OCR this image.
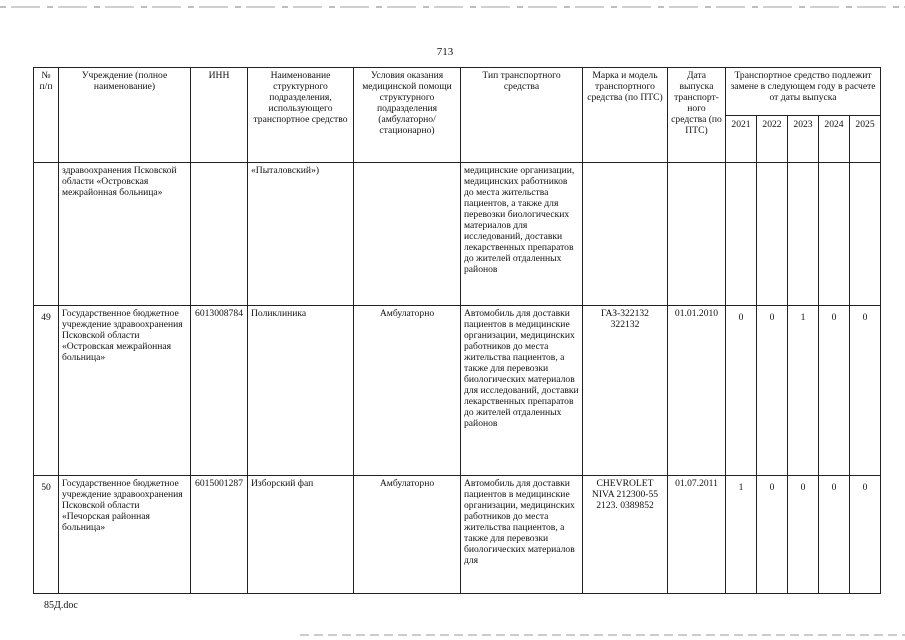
713
№ п/п	Учреждение (полное наименование)	ИНН	Наименование структурного подразделения, использующего транспортное средство	Условия оказания медицинской помощи структурного подразделения (амбулаторно/ стационарно)	Тип транспортного средства	Марка и модель транспортного средства (по ПТС)	Дата выпуска транспорт-ного средства (по ПТС)	Транспортное средство подлежит замене в следующем году в расчете от даты выпуска				
								2021	2022	2023	2024	2025
	здравоохранения Псковской области «Островская межрайонная больница»		«Пыталовский»)		медицинские организации, медицинских работников до места жительства пациентов, а также для перевозки биологических материалов для исследований, доставки лекарственных препаратов до жителей отдаленных районов							
49	Государственное бюджетное учреждение здравоохранения Псковской области «Островская межрайонная больница»	6013008784	Поликлиника	Амбулаторно	Автомобиль для доставки пациентов в медицинские организации, медицинских работников до места жительства пациентов, а также для перевозки биологических материалов для исследований, доставки лекарственных препаратов до жителей отдаленных районов	ГАЗ-322132 322132	01.01.2010	0	0	1	0	0
50	Государственное бюджетное учреждение здравоохранения Псковской области «Печорская районная больница»	6015001287	Изборский фап	Амбулаторно	Автомобиль для доставки пациентов в медицинские организации, медицинских работников до места жительства пациентов, а также для перевозки биологических материалов для	CHEVROLET NIVA 212300-55 2123. 0389852	01.07.2011	1	0	0	0	0
85Д.doc
